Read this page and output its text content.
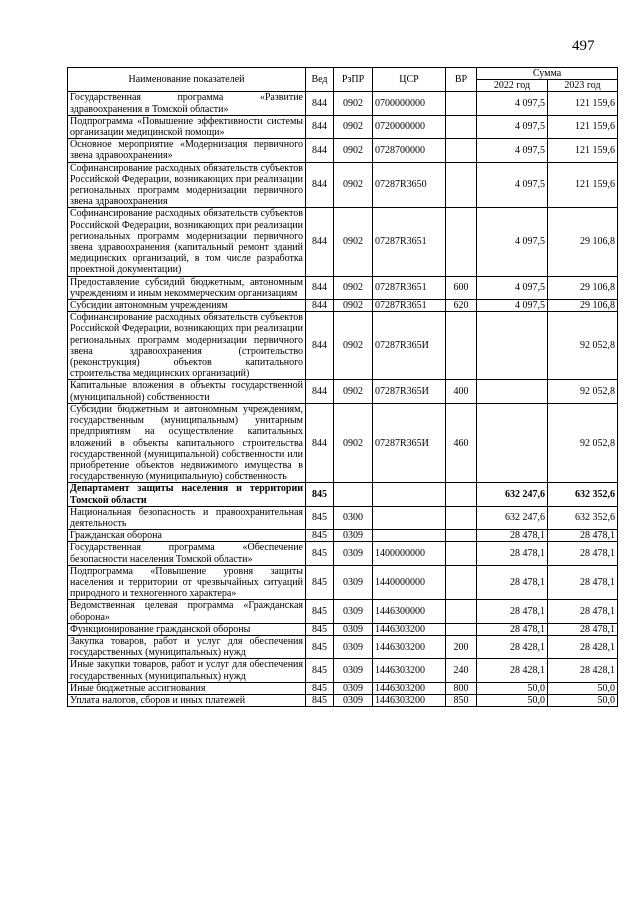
497
Наименование показателей	Вед	РзПР	ЦСР	ВР	Сумма	
					2022 год	2023 год
Государственная программа «Развитие здравоохранения в Томской области»	844	0902	0700000000		4 097,5	121 159,6
Подпрограмма «Повышение эффективности системы организации медицинской помощи»	844	0902	0720000000		4 097,5	121 159,6
Основное мероприятие «Модернизация первичного звена здравоохранения»	844	0902	0728700000		4 097,5	121 159,6
Софинансирование расходных обязательств субъектов Российской Федерации, возникающих при реализации региональных программ модернизации первичного звена здравоохранения	844	0902	07287R3650		4 097,5	121 159,6
Софинансирование расходных обязательств субъектов Российской Федерации, возникающих при реализации региональных программ модернизации первичного звена здравоохранения (капитальный ремонт зданий медицинских организаций, в том числе разработка проектной документации)	844	0902	07287R3651		4 097,5	29 106,8
Предоставление субсидий бюджетным, автономным учреждениям и иным некоммерческим организациям	844	0902	07287R3651	600	4 097,5	29 106,8
Субсидии автономным учреждениям	844	0902	07287R3651	620	4 097,5	29 106,8
Софинансирование расходных обязательств субъектов Российской Федерации, возникающих при реализации региональных программ модернизации первичного звена здравоохранения (строительство (реконструкция) объектов капитального строительства медицинских организаций)	844	0902	07287R365И			92 052,8
Капитальные вложения в объекты государственной (муниципальной) собственности	844	0902	07287R365И	400		92 052,8
Субсидии бюджетным и автономным учреждениям, государственным (муниципальным) унитарным предприятиям на осуществление капитальных вложений в объекты капитального строительства государственной (муниципальной) собственности или приобретение объектов недвижимого имущества в государственную (муниципальную) собственность	844	0902	07287R365И	460		92 052,8
Департамент защиты населения и территории Томской области	845				632 247,6	632 352,6
Национальная безопасность и правоохранительная деятельность	845	0300			632 247,6	632 352,6
Гражданская оборона	845	0309			28 478,1	28 478,1
Государственная программа «Обеспечение безопасности населения Томской области»	845	0309	1400000000		28 478,1	28 478,1
Подпрограмма «Повышение уровня защиты населения и территории от чрезвычайных ситуаций природного и техногенного характера»	845	0309	1440000000		28 478,1	28 478,1
Ведомственная целевая программа «Гражданская оборона»	845	0309	1446300000		28 478,1	28 478,1
Функционирование гражданской обороны	845	0309	1446303200		28 478,1	28 478,1
Закупка товаров, работ и услуг для обеспечения государственных (муниципальных) нужд	845	0309	1446303200	200	28 428,1	28 428,1
Иные закупки товаров, работ и услуг для обеспечения государственных (муниципальных) нужд	845	0309	1446303200	240	28 428,1	28 428,1
Иные бюджетные ассигнования	845	0309	1446303200	800	50,0	50,0
Уплата налогов, сборов и иных платежей	845	0309	1446303200	850	50,0	50,0
